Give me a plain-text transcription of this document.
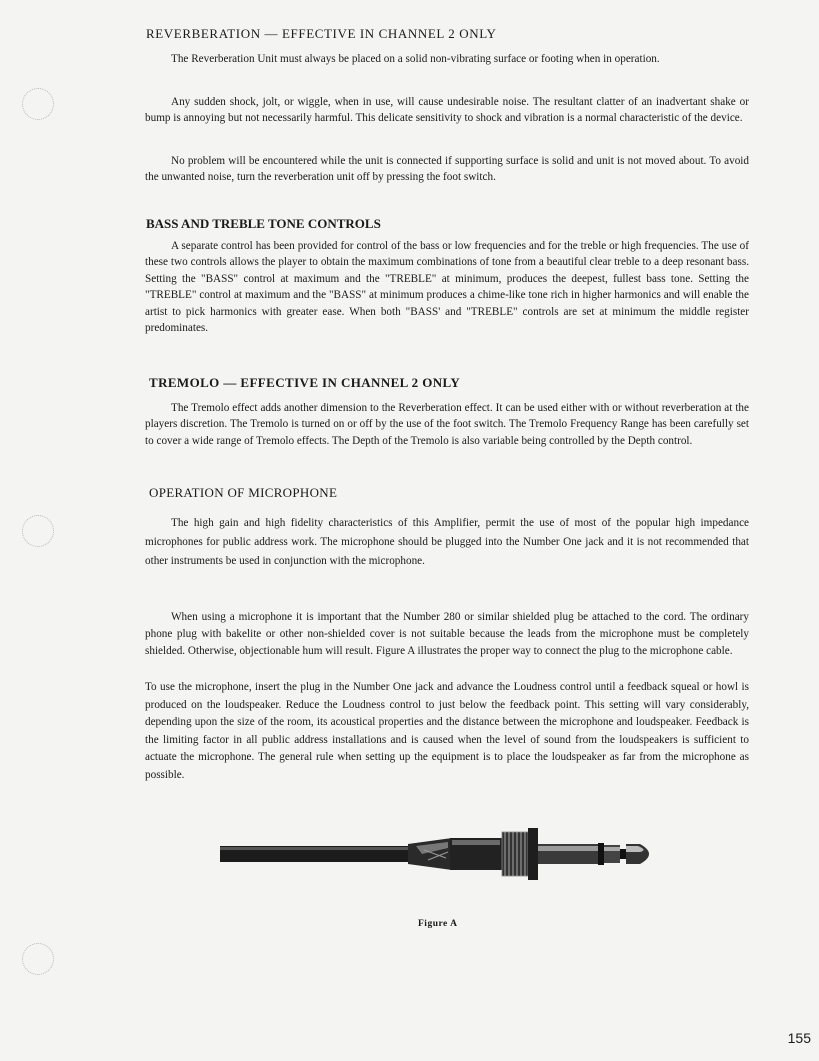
REVERBERATION — EFFECTIVE IN CHANNEL 2 ONLY

The Reverberation Unit must always be placed on a solid non-vibrating surface or footing when in operation.

Any sudden shock, jolt, or wiggle, when in use, will cause undesirable noise. The resultant clatter of an inadvertant shake or bump is annoying but not necessarily harmful. This delicate sensitivity to shock and vibration is a normal characteristic of the device.

No problem will be encountered while the unit is connected if supporting surface is solid and unit is not moved about. To avoid the unwanted noise, turn the reverberation unit off by pressing the foot switch.

BASS AND TREBLE TONE CONTROLS

A separate control has been provided for control of the bass or low frequencies and for the treble or high frequencies. The use of these two controls allows the player to obtain the maximum combinations of tone from a beautiful clear treble to a deep resonant bass. Setting the "BASS" control at maximum and the "TREBLE" at minimum, produces the deepest, fullest bass tone. Setting the "TREBLE" control at maximum and the "BASS" at minimum produces a chime-like tone rich in higher harmonics and will enable the artist to pick harmonics with greater ease. When both "BASS' and "TREBLE" controls are set at minimum the middle register predominates.

TREMOLO — EFFECTIVE IN CHANNEL 2 ONLY

The Tremolo effect adds another dimension to the Reverberation effect. It can be used either with or without reverberation at the players discretion. The Tremolo is turned on or off by the use of the foot switch. The Tremolo Frequency Range has been carefully set to cover a wide range of Tremolo effects. The Depth of the Tremolo is also variable being controlled by the Depth control.

OPERATION OF MICROPHONE

The high gain and high fidelity characteristics of this Amplifier, permit the use of most of the popular high impedance microphones for public address work. The microphone should be plugged into the Number One jack and it is not recommended that other instruments be used in conjunction with the microphone.

When using a microphone it is important that the Number 280 or similar shielded plug be attached to the cord. The ordinary phone plug with bakelite or other non-shielded cover is not suitable because the leads from the microphone must be completely shielded. Otherwise, objectionable hum will result. Figure A illustrates the proper way to connect the plug to the microphone cable.

To use the microphone, insert the plug in the Number One jack and advance the Loudness control until a feedback squeal or howl is produced on the loudspeaker. Reduce the Loudness control to just below the feedback point. This setting will vary considerably, depending upon the size of the room, its acoustical properties and the distance between the microphone and loudspeaker. Feedback is the limiting factor in all public address installations and is caused when the level of sound from the loudspeakers is sufficient to actuate the microphone. The general rule when setting up the equipment is to place the loudspeaker as far from the microphone as possible.

Figure A
155
